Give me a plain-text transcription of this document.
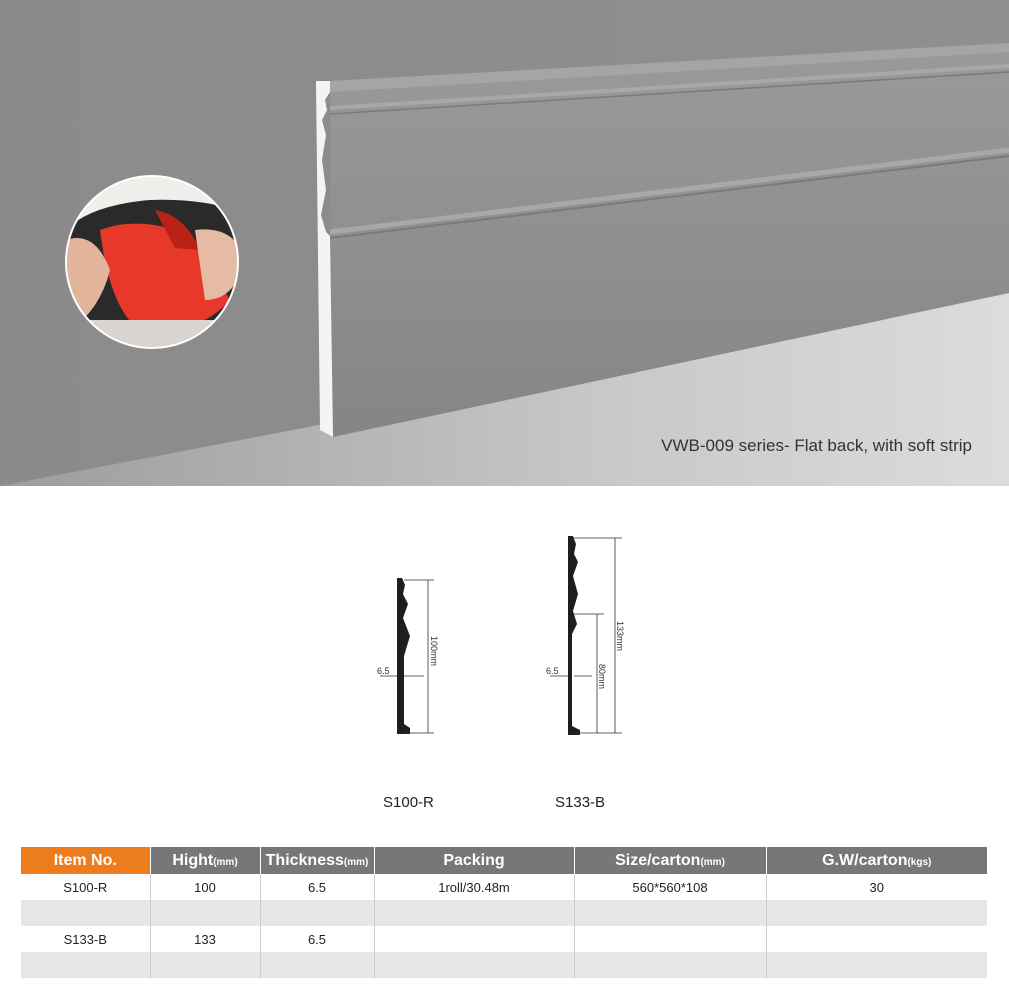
VWB-009 series- Flat back, with soft strip
6.5
100mm
6.5
133mm
80mm
S100-R	S133-B
Item No.	Hight(mm)	Thickness(mm)	Packing	Size/carton(mm)	G.W/carton(kgs)
S100-R	100	6.5	1roll/30.48m	560*560*108	30

S133-B	133	6.5			
